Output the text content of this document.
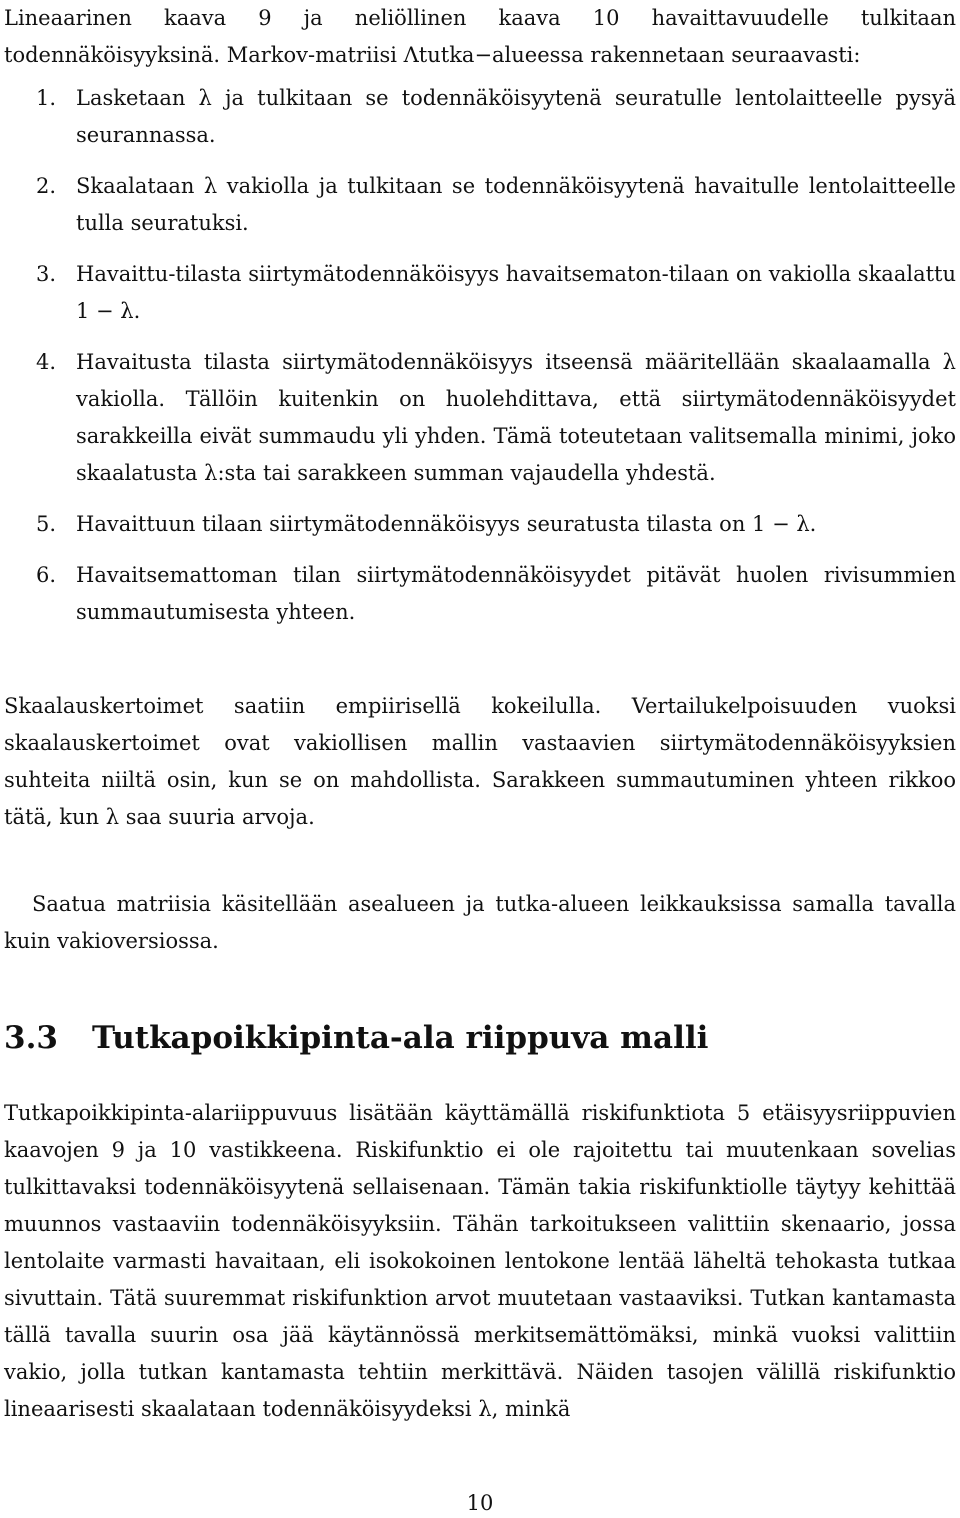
Lineaarinen kaava 9 ja neliöllinen kaava 10 havaittavuudelle tulkitaan todennäköisyyksinä. Markov-matriisi Λtutka−alueessa rakennetaan seuraavasti:

1. Lasketaan λ ja tulkitaan se todennäköisyytenä seuratulle lentolaitteelle pysyä seurannassa.
2. Skaalataan λ vakiolla ja tulkitaan se todennäköisyytenä havaitulle lentolaitteelle tulla seuratuksi.
3. Havaittu-tilasta siirtymätodennäköisyys havaitsematon-tilaan on vakiolla skaalattu 1 − λ.
4. Havaitusta tilasta siirtymätodennäköisyys itseensä määritellään skaalaamalla λ vakiolla. Tällöin kuitenkin on huolehdittava, että siirtymätodennäköisyydet sarakkeilla eivät summaudu yli yhden. Tämä toteutetaan valitsemalla minimi, joko skaalatusta λ:sta tai sarakkeen summan vajaudella yhdestä.
5. Havaittuun tilaan siirtymätodennäköisyys seuratusta tilasta on 1 − λ.
6. Havaitsemattoman tilan siirtymätodennäköisyydet pitävät huolen rivisummien summautumisesta yhteen.

Skaalauskertoimet saatiin empiirisellä kokeilulla. Vertailukelpoisuuden vuoksi skaalauskertoimet ovat vakiollisen mallin vastaavien siirtymätodennäköisyyksien suhteita niiltä osin, kun se on mahdollista. Sarakkeen summautuminen yhteen rikkoo tätä, kun λ saa suuria arvoja.

Saatua matriisia käsitellään asealueen ja tutka-alueen leikkauksissa samalla tavalla kuin vakioversiossa.

3.3 Tutkapoikkipinta-ala riippuva malli

Tutkapoikkipinta-alariippuvuus lisätään käyttämällä riskifunktiota 5 etäisyysriippuvien kaavojen 9 ja 10 vastikkeena. Riskifunktio ei ole rajoitettu tai muutenkaan sovelias tulkittavaksi todennäköisyytenä sellaisenaan. Tämän takia riskifunktiolle täytyy kehittää muunnos vastaaviin todennäköisyyksiin. Tähän tarkoitukseen valittiin skenaario, jossa lentolaite varmasti havaitaan, eli isokokoinen lentokone lentää läheltä tehokasta tutkaa sivuttain. Tätä suuremmat riskifunktion arvot muutetaan vastaaviksi. Tutkan kantamasta tällä tavalla suurin osa jää käytännössä merkitsemättömäksi, minkä vuoksi valittiin vakio, jolla tutkan kantamasta tehtiin merkittävä. Näiden tasojen välillä riskifunktio lineaarisesti skaalataan todennäköisyydeksi λ, minkä

10
